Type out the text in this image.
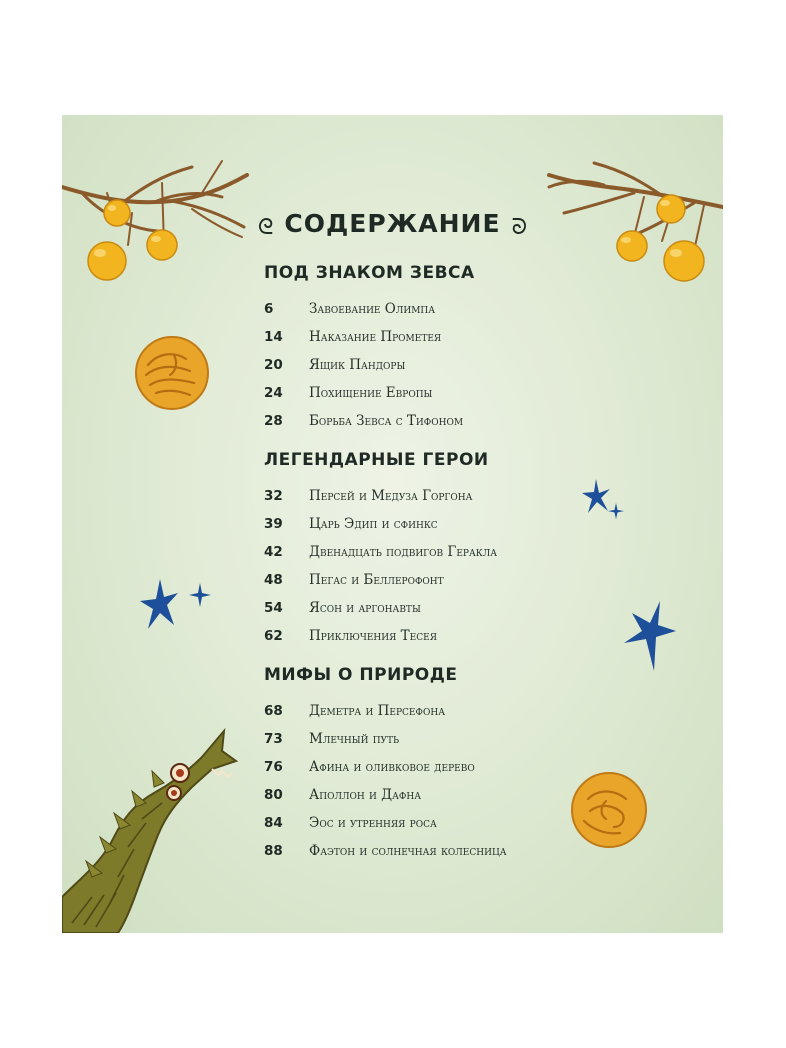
ᘓ СОДЕРЖАНИЕ ᘐ

ПОД ЗНАКОМ ЗЕВСА

6	Завоевание Олимпа
14	Наказание Прометея
20	Ящик Пандоры
24	Похищение Европы
28	Борьба Зевса с Тифоном

ЛЕГЕНДАРНЫЕ ГЕРОИ

32	Персей и Медуза Горгона
39	Царь Эдип и сфинкс
42	Двенадцать подвигов Геракла
48	Пегас и Беллерофонт
54	Ясон и аргонавты
62	Приключения Тесея

МИФЫ О ПРИРОДЕ

68	Деметра и Персефона
73	Млечный путь
76	Афина и оливковое дерево
80	Аполлон и Дафна
84	Эос и утренняя роса
88	Фаэтон и солнечная колесница
